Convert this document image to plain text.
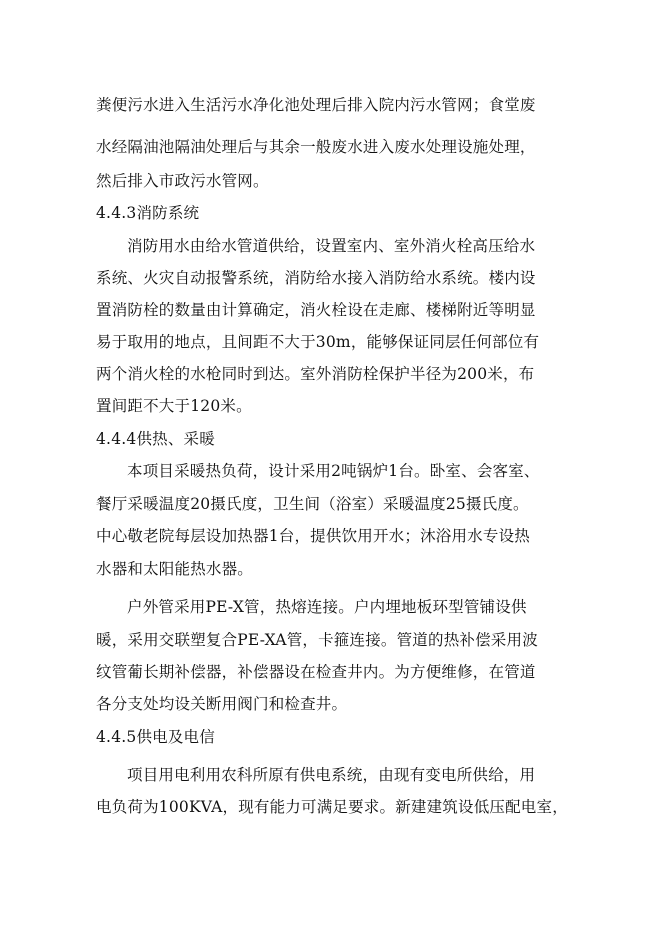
粪便污水进入生活污水净化池处理后排入院内污水管网；食堂废
水经隔油池隔油处理后与其余一般废水进入废水处理设施处理，
然后排入市政污水管网。
4.4.3消防系统
消防用水由给水管道供给，设置室内、室外消火栓高压给水
系统、火灾自动报警系统，消防给水接入消防给水系统。楼内设
置消防栓的数量由计算确定，消火栓设在走廊、楼梯附近等明显
易于取用的地点，且间距不大于30m，能够保证同层任何部位有
两个消火栓的水枪同时到达。室外消防栓保护半径为200米，布
置间距不大于120米。
4.4.4供热、采暖
本项目采暖热负荷，设计采用2吨锅炉1台。卧室、会客室、
餐厅采暖温度20摄氏度，卫生间（浴室）采暖温度25摄氏度。
中心敬老院每层设加热器1台，提供饮用开水；沐浴用水专设热
水器和太阳能热水器。
户外管采用PE-X管，热熔连接。户内埋地板环型管铺设供
暖，采用交联塑复合PE-XA管，卡箍连接。管道的热补偿采用波
纹管葡长期补偿器，补偿器设在检查井内。为方便维修，在管道
各分支处均设关断用阀门和检查井。
4.4.5供电及电信
项目用电利用农科所原有供电系统，由现有变电所供给，用
电负荷为100KVA，现有能力可满足要求。新建建筑设低压配电室，
